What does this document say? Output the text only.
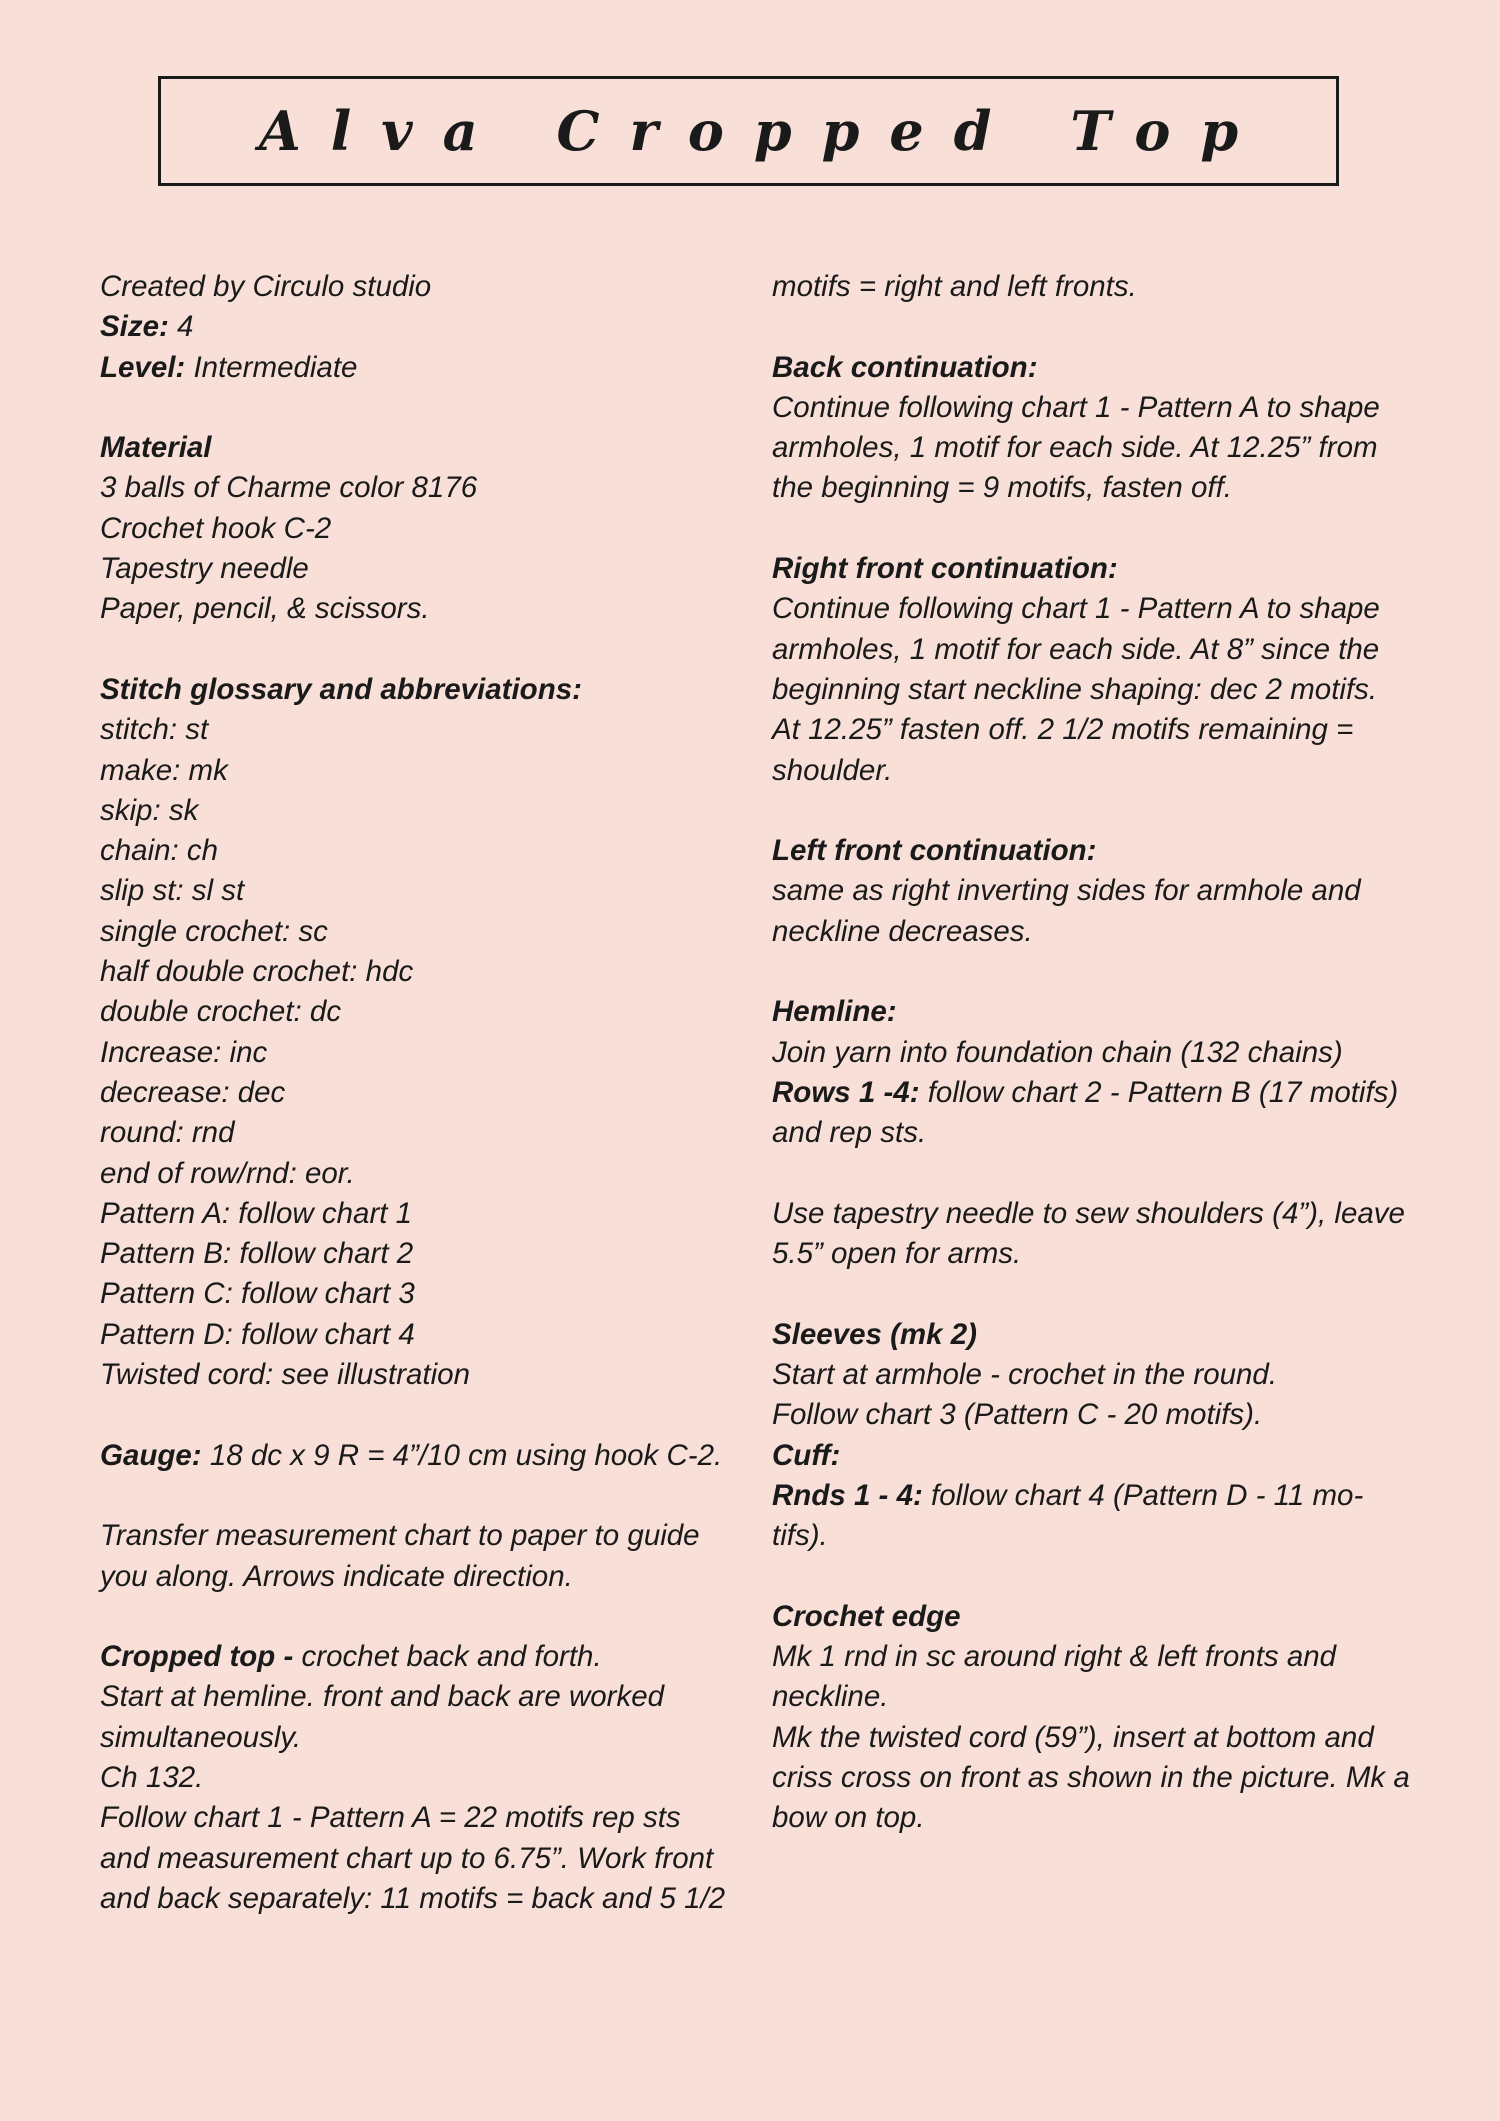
Alva Cropped Top
Created by Circulo studio
Size: 4
Level: Intermediate
Material
3 balls of Charme color 8176
Crochet hook C-2
Tapestry needle
Paper, pencil, & scissors.
Stitch glossary and abbreviations:
stitch: st
make: mk
skip: sk
chain: ch
slip st: sl st
single crochet: sc
half double crochet: hdc
double crochet: dc
Increase: inc
decrease: dec
round: rnd
end of row/rnd: eor.
Pattern A: follow chart 1
Pattern B: follow chart 2
Pattern C: follow chart 3
Pattern D: follow chart 4
Twisted cord: see illustration
Gauge: 18 dc x 9 R = 4”/10 cm using hook C-2.
Transfer measurement chart to paper to guide
you along. Arrows indicate direction.
Cropped top - crochet back and forth.
Start at hemline. front and back are worked
simultaneously.
Ch 132.
Follow chart 1 - Pattern A = 22 motifs rep sts
and measurement chart up to 6.75”. Work front
and back separately: 11 motifs = back and 5 1/2
motifs = right and left fronts.
Back continuation:
Continue following chart 1 - Pattern A to shape
armholes, 1 motif for each side. At 12.25” from
the beginning = 9 motifs, fasten off.
Right front continuation:
Continue following chart 1 - Pattern A to shape
armholes, 1 motif for each side. At 8” since the
beginning start neckline shaping: dec 2 motifs.
At 12.25” fasten off. 2 1/2 motifs remaining =
shoulder.
Left front continuation:
same as right inverting sides for armhole and
neckline decreases.
Hemline:
Join yarn into foundation chain (132 chains)
Rows 1 -4: follow chart 2 - Pattern B (17 motifs)
and rep sts.
Use tapestry needle to sew shoulders (4”), leave
5.5” open for arms.
Sleeves (mk 2)
Start at armhole - crochet in the round.
Follow chart 3 (Pattern C - 20 motifs).
Cuff:
Rnds 1 - 4: follow chart 4 (Pattern D - 11 mo-
tifs).
Crochet edge
Mk 1 rnd in sc around right & left fronts and
neckline.
Mk the twisted cord (59”), insert at bottom and
criss cross on front as shown in the picture. Mk a
bow on top.
